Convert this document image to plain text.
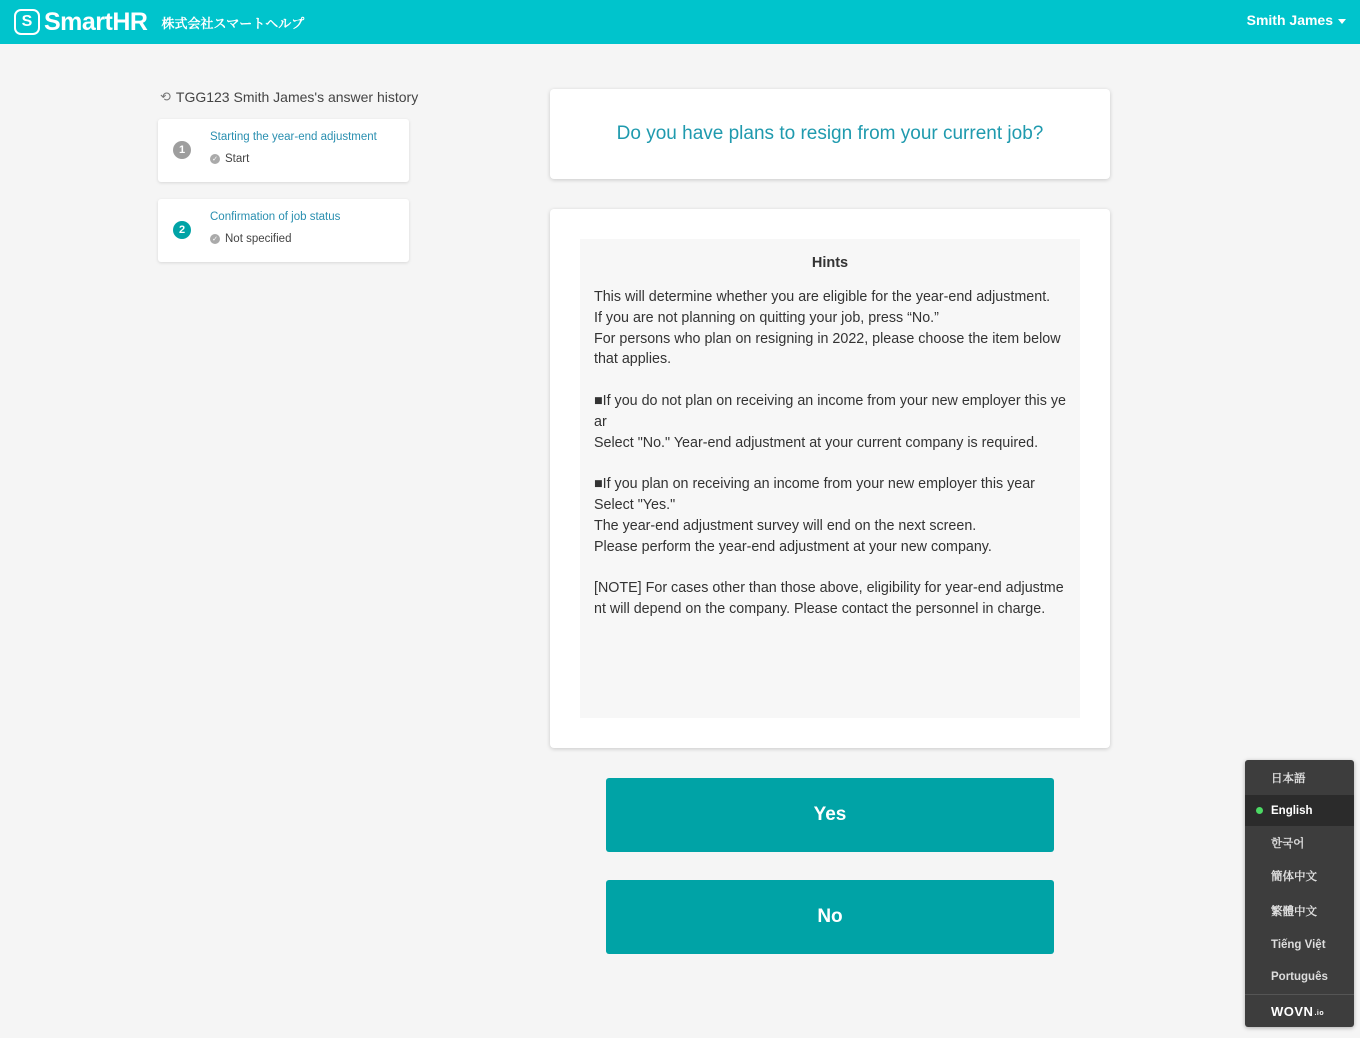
S SmartHR 株式会社スマートヘルプ	Smith James
⟲ TGG123 Smith James's answer history
1
Starting the year-end adjustment
✓ Start
2
Confirmation of job status
✓ Not specified
Do you have plans to resign from your current job?
Hints
This will determine whether you are eligible for the year-end adjustment.
If you are not planning on quitting your job, press “No.”
For persons who plan on resigning in 2022, please choose the item below that applies.
■If you do not plan on receiving an income from your new employer this year
Select "No." Year-end adjustment at your current company is required.
■If you plan on receiving an income from your new employer this year
Select "Yes."
The year-end adjustment survey will end on the next screen.
Please perform the year-end adjustment at your new company.
[NOTE] For cases other than those above, eligibility for year-end adjustment will depend on the company. Please contact the personnel in charge.
Yes
No
日本語
English
한국어
簡体中文
繁體中文
Tiếng Việt
Português
WOVN .io
